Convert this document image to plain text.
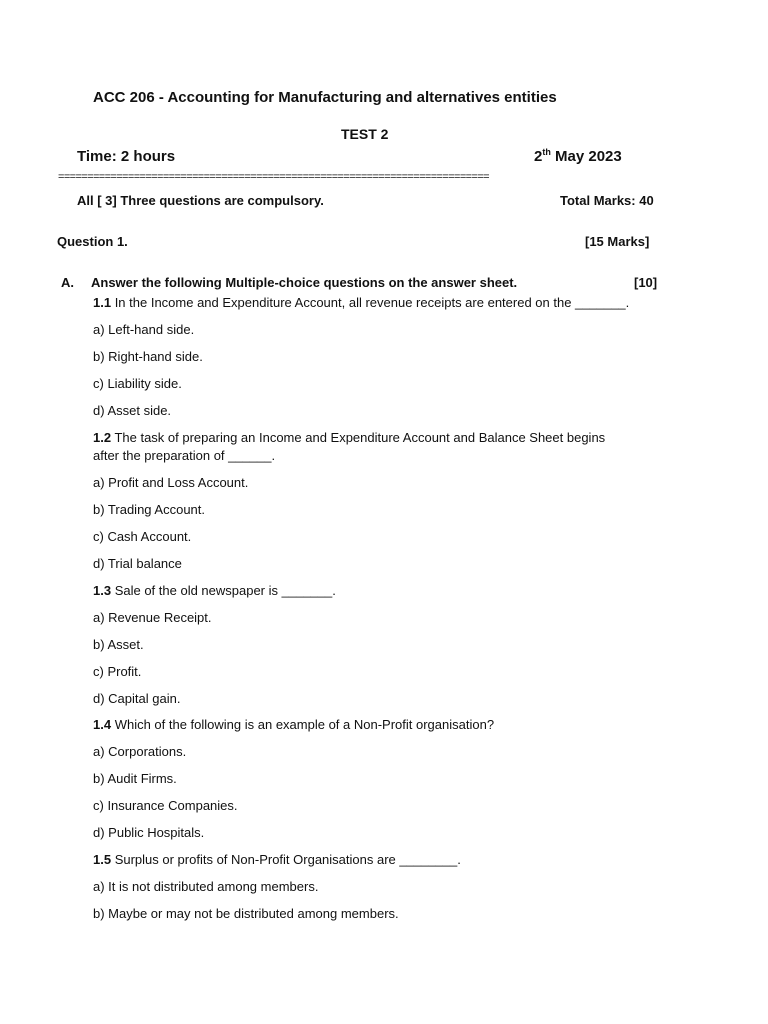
ACC 206 - Accounting for Manufacturing and alternatives entities
TEST 2
Time: 2 hours	2th May 2023
==========================================================================
All [ 3] Three questions are compulsory.	Total Marks: 40
Question 1.	[15 Marks]
A. Answer the following Multiple-choice questions on the answer sheet.	[10]
1.1 In the Income and Expenditure Account, all revenue receipts are entered on the _______.
a) Left-hand side.
b) Right-hand side.
c) Liability side.
d) Asset side.
1.2 The task of preparing an Income and Expenditure Account and Balance Sheet begins
after the preparation of ______.
a) Profit and Loss Account.
b) Trading Account.
c) Cash Account.
d) Trial balance
1.3 Sale of the old newspaper is _______.
a) Revenue Receipt.
b) Asset.
c) Profit.
d) Capital gain.
1.4 Which of the following is an example of a Non-Profit organisation?
a) Corporations.
b) Audit Firms.
c) Insurance Companies.
d) Public Hospitals.
1.5 Surplus or profits of Non-Profit Organisations are ________.
a) It is not distributed among members.
b) Maybe or may not be distributed among members.
